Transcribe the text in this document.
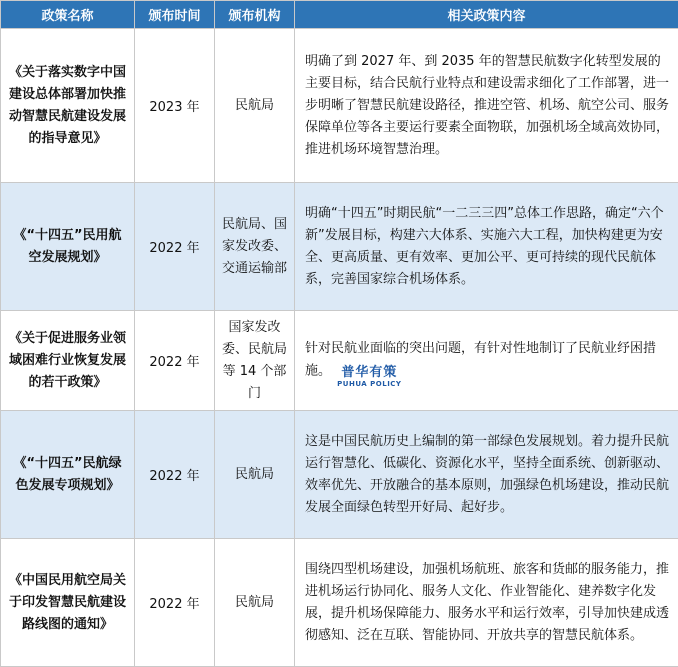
政策名称	颁布时间	颁布机构	相关政策内容
《关于落实数字中国建设总体部署加快推动智慧民航建设发展的指导意见》	2023 年	民航局	明确了到 2027 年、到 2035 年的智慧民航数字化转型发展的主要目标，结合民航行业特点和建设需求细化了工作部署，进一步明晰了智慧民航建设路径，推进空管、机场、航空公司、服务保障单位等各主要运行要素全面物联，加强机场全域高效协同，推进机场环境智慧治理。
《“十四五”民用航空发展规划》	2022 年	民航局、国家发改委、交通运输部	明确“十四五”时期民航“一二三三四”总体工作思路，确定“六个新”发展目标，构建六大体系、实施六大工程，加快构建更为安全、更高质量、更有效率、更加公平、更可持续的现代民航体系，完善国家综合机场体系。
《关于促进服务业领域困难行业恢复发展的若干政策》	2022 年	国家发改委、民航局等 14 个部门	针对民航业面临的突出问题，有针对性地制订了民航业纾困措施。 普华有策
PUHUA POLICY

《“十四五”民航绿色发展专项规划》	2022 年	民航局	这是中国民航历史上编制的第一部绿色发展规划。着力提升民航运行智慧化、低碳化、资源化水平，坚持全面系统、创新驱动、效率优先、开放融合的基本原则，加强绿色机场建设，推动民航发展全面绿色转型开好局、起好步。
《中国民用航空局关于印发智慧民航建设路线图的通知》	2022 年	民航局	围绕四型机场建设，加强机场航班、旅客和货邮的服务能力，推进机场运行协同化、服务人文化、作业智能化、建养数字化发展，提升机场保障能力、服务水平和运行效率，引导加快建成透彻感知、泛在互联、智能协同、开放共享的智慧民航体系。
